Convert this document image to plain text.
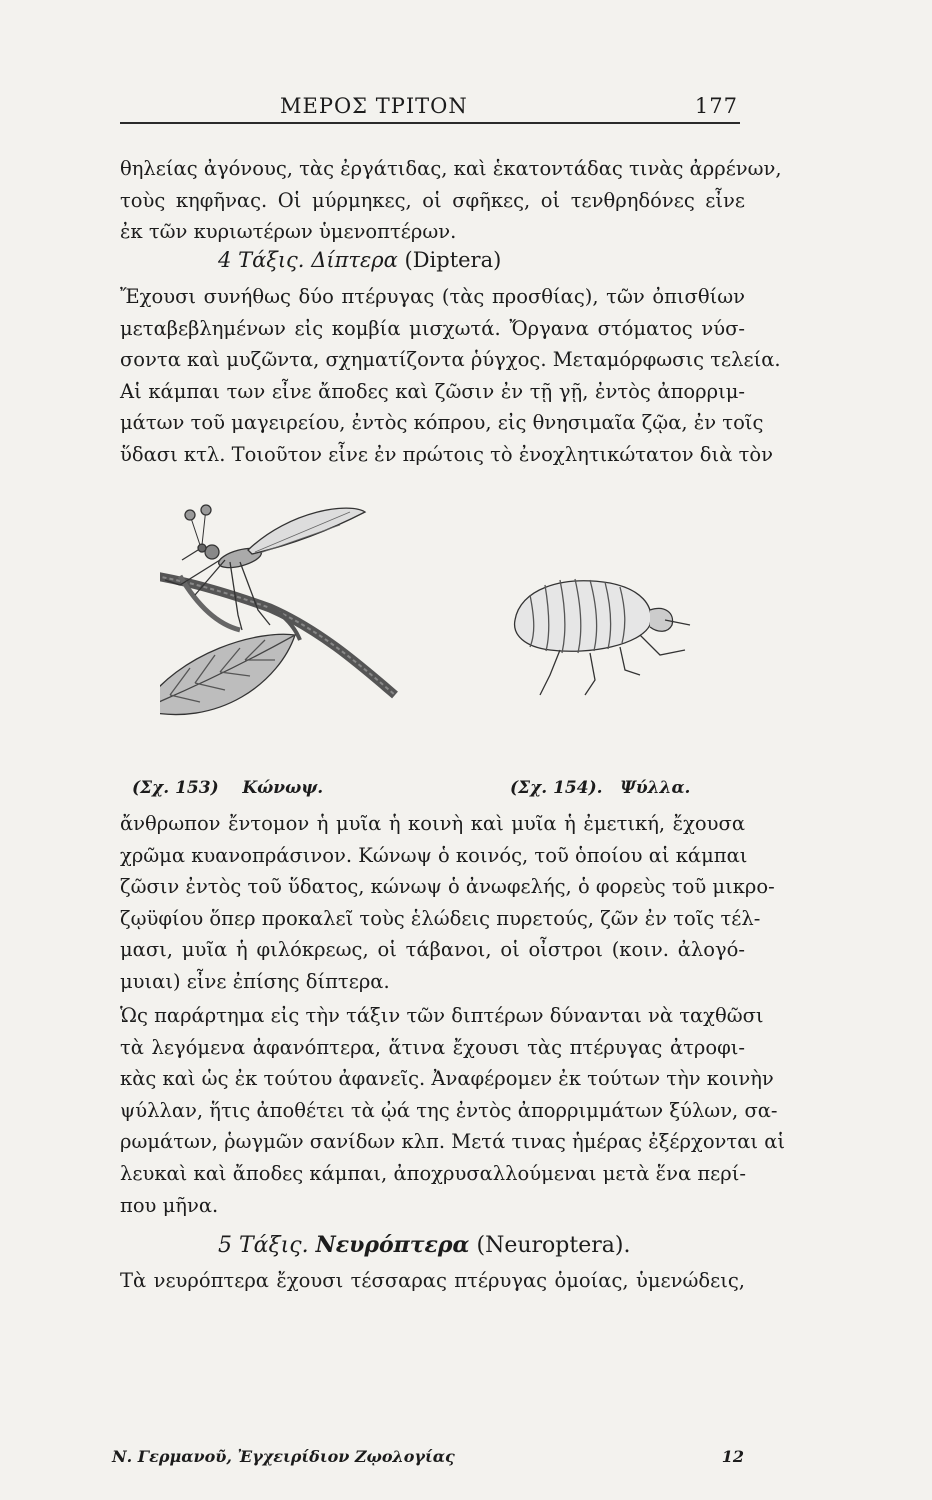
ΜΕΡΟΣ ΤΡΙΤΟΝ	177
θηλείας ἀγόνους, τὰς ἐργάτιδας, καὶ ἑκατοντάδας τινὰς ἀρρένων,
τοὺς κηφῆνας. Οἱ μύρμηκες, οἱ σφῆκες, οἱ τενθρηδόνες εἶνε
ἐκ τῶν κυριωτέρων ὑμενοπτέρων.
4 Τάξις. Δίπτερα (Diptera)
Ἔχουσι συνήθως δύο πτέρυγας (τὰς προσθίας), τῶν ὀπισθίων
μεταβεβλημένων εἰς κομβία μισχωτά. Ὄργανα στόματος νύσ-
σοντα καὶ μυζῶντα, σχηματίζοντα ῥύγχος. Μεταμόρφωσις τελεία.
Αἱ κάμπαι των εἶνε ἄποδες καὶ ζῶσιν ἐν τῇ γῇ, ἐντὸς ἀπορριμ-
μάτων τοῦ μαγειρείου, ἐντὸς κόπρου, εἰς θνησιμαῖα ζῷα, ἐν τοῖς
ὕδασι κτλ. Τοιοῦτον εἶνε ἐν πρώτοις τὸ ἐνοχλητικώτατον διὰ τὸν
(Σχ. 153) Κώνωψ.	(Σχ. 154). Ψύλλα.
ἄνθρωπον ἔντομον ἡ μυῖα ἡ κοινὴ καὶ μυῖα ἡ ἐμετική, ἔχουσα
χρῶμα κυανοπράσινον. Κώνωψ ὁ κοινός, τοῦ ὁποίου αἱ κάμπαι
ζῶσιν ἐντὸς τοῦ ὕδατος, κώνωψ ὁ ἀνωφελής, ὁ φορεὺς τοῦ μικρο-
ζῳϋφίου ὅπερ προκαλεῖ τοὺς ἑλώδεις πυρετούς, ζῶν ἐν τοῖς τέλ-
μασι, μυῖα ἡ φιλόκρεως, οἱ τάβανοι, οἱ οἶστροι (κοιν. ἀλογό-
μυιαι) εἶνε ἐπίσης δίπτερα.
Ὡς παράρτημα εἰς τὴν τάξιν τῶν διπτέρων δύνανται νὰ ταχθῶσι
τὰ λεγόμενα ἀφανόπτερα, ἅτινα ἔχουσι τὰς πτέρυγας ἀτροφι-
κὰς καὶ ὡς ἐκ τούτου ἀφανεῖς. Ἀναφέρομεν ἐκ τούτων τὴν κοινὴν
ψύλλαν, ἥτις ἀποθέτει τὰ ᾠά της ἐντὸς ἀπορριμμάτων ξύλων, σα-
ρωμάτων, ῥωγμῶν σανίδων κλπ. Μετά τινας ἡμέρας ἐξέρχονται αἱ
λευκαὶ καὶ ἄποδες κάμπαι, ἀποχρυσαλλούμεναι μετὰ ἕνα περί-
που μῆνα.
5 Τάξις. Νευρόπτερα (Neuroptera).
Τὰ νευρόπτερα ἔχουσι τέσσαρας πτέρυγας ὁμοίας, ὑμενώδεις,
Ν. Γερμανοῦ, Ἐγχειρίδιον Ζῳολογίας	12
